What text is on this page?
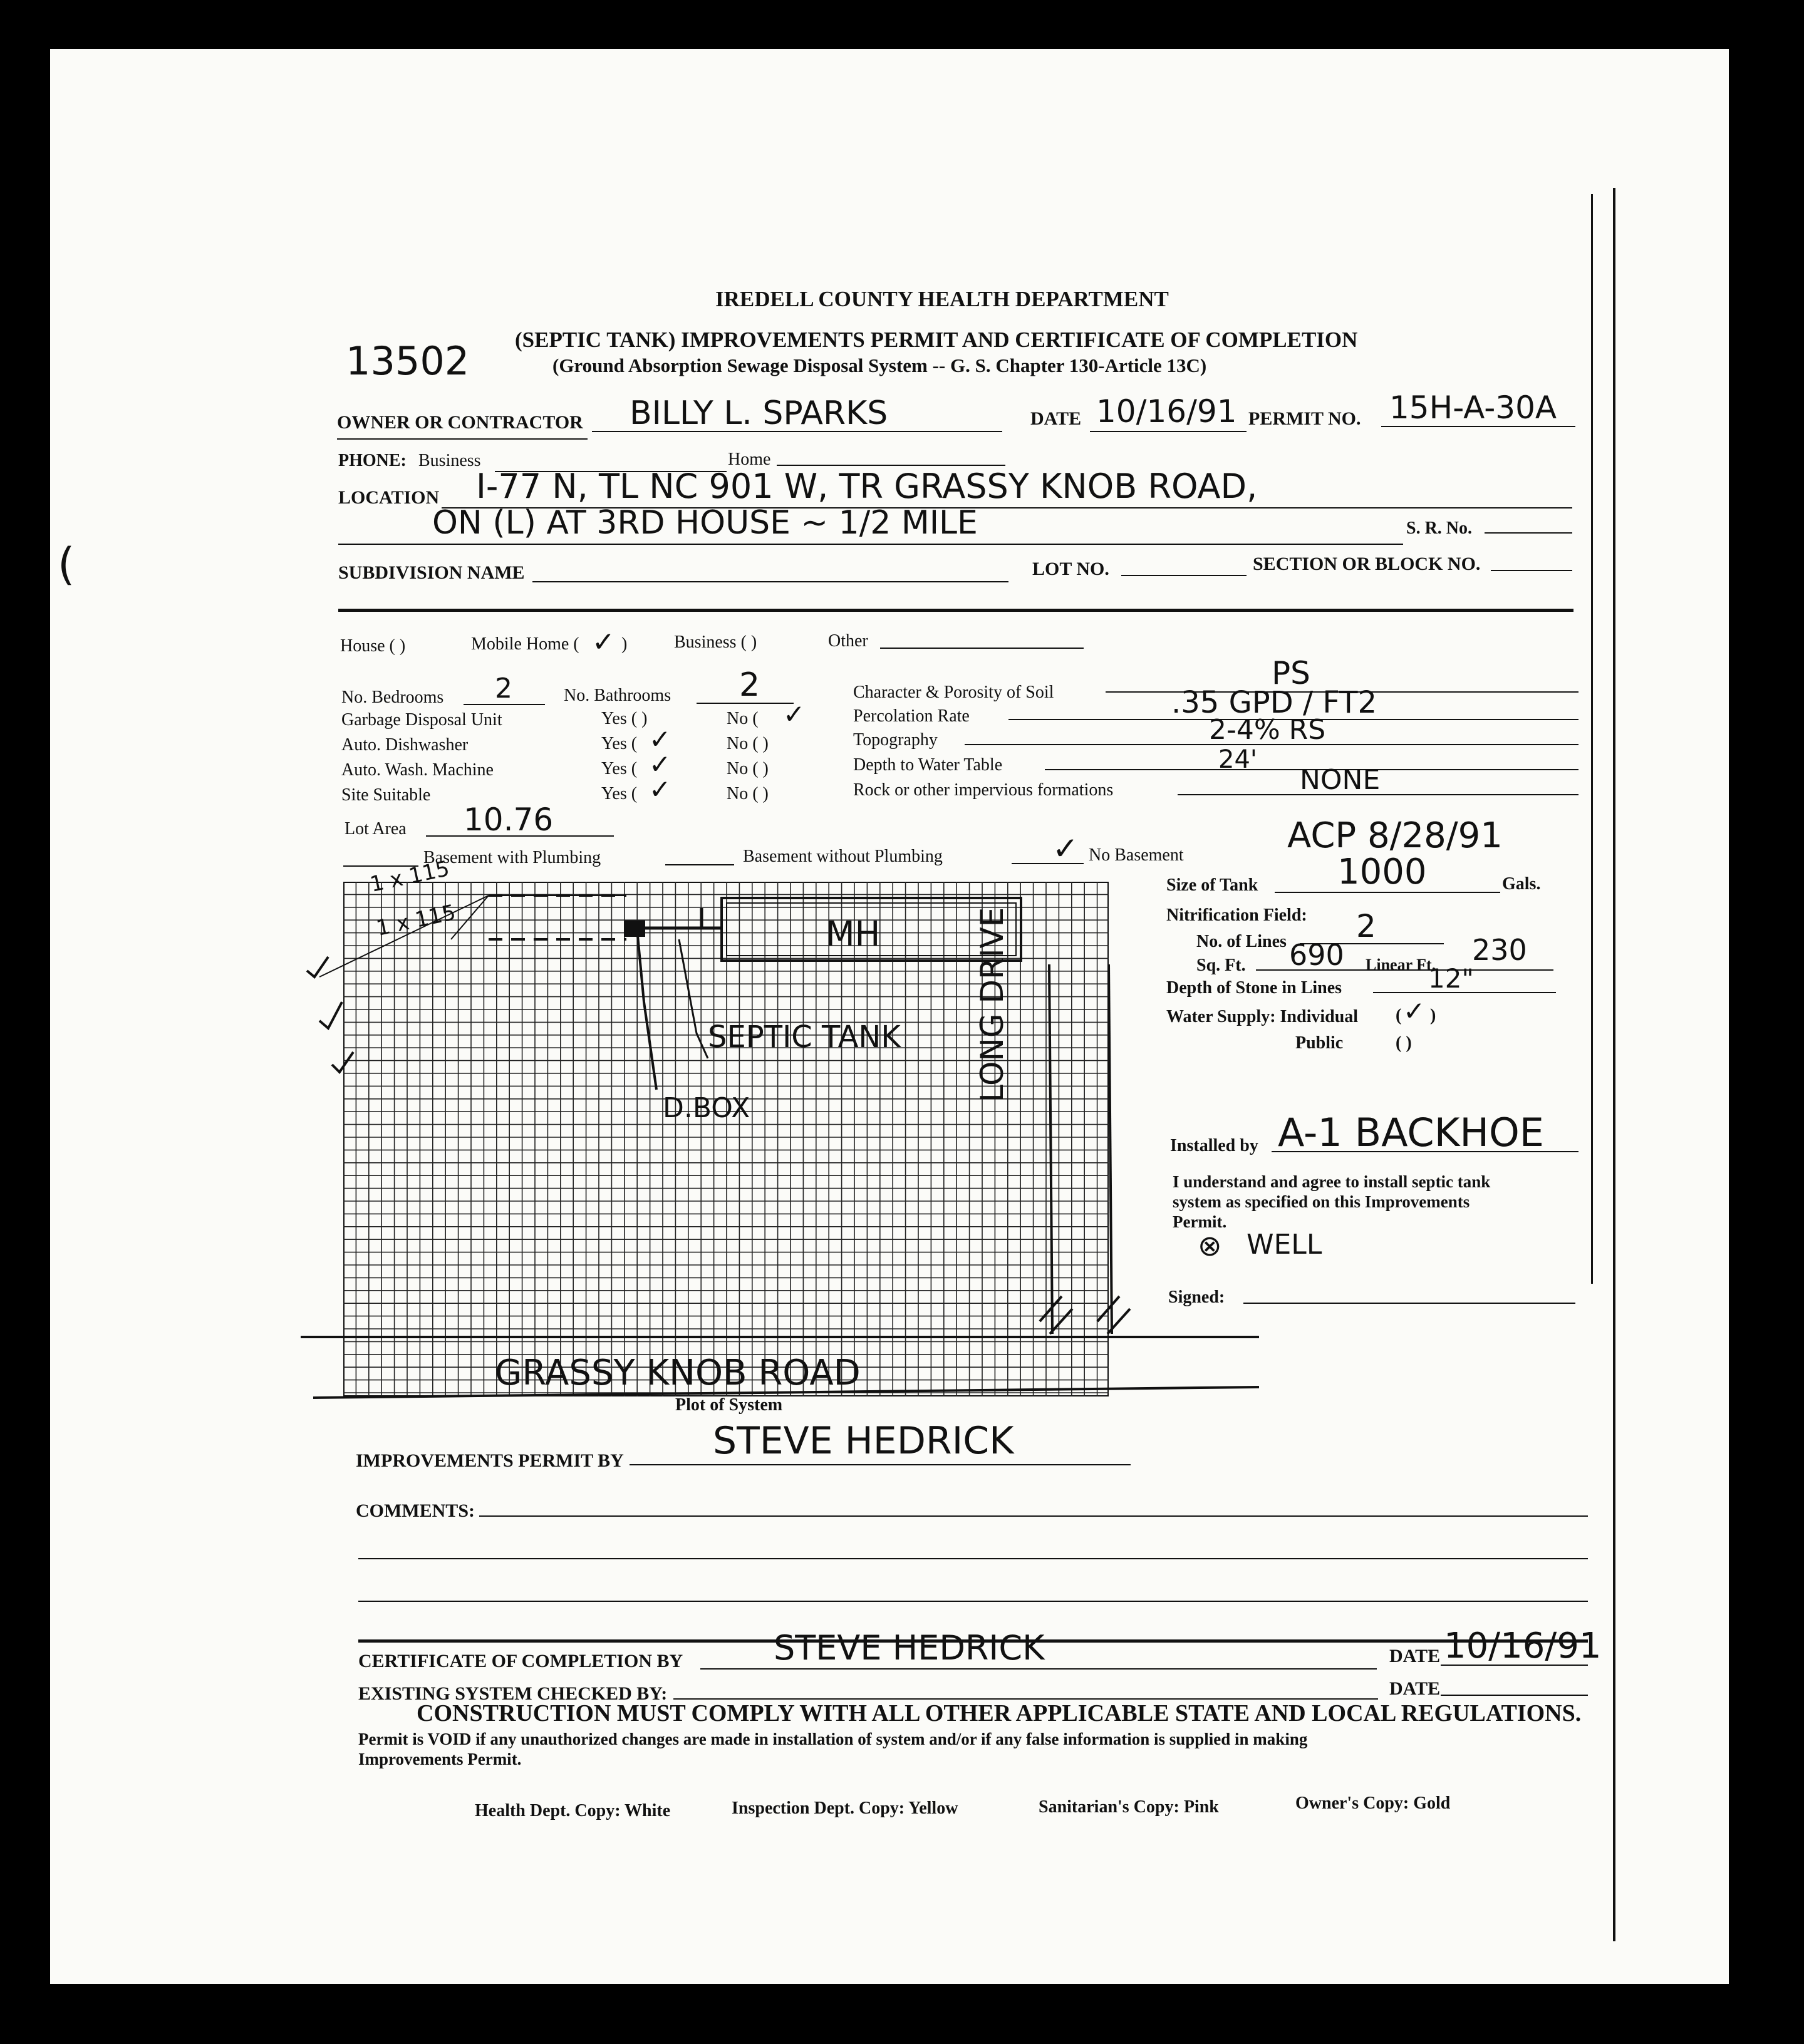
IREDELL COUNTY HEALTH DEPARTMENT
13502 (SEPTIC TANK) IMPROVEMENTS PERMIT AND CERTIFICATE OF COMPLETION
(Ground Absorption Sewage Disposal System -- G. S. Chapter 130-Article 13C)
OWNER OR CONTRACTOR BILLY L. SPARKS	DATE 10/16/91 PERMIT NO. 15H-A-30A
PHONE: Business	Home
LOCATION I-77 N, TL NC 901 W, TR GRASSY KNOB ROAD,
ON (L) AT 3RD HOUSE ~ 1/2 MILE	S. R. No.
SUBDIVISION NAME	LOT NO.	SECTION OR BLOCK NO.
House ( )	Mobile Home ( ✓ )	Business ( )	Other
No. Bedrooms 2	No. Bathrooms 2
Garbage Disposal Unit	Yes ( )	No ( ✓
Auto. Dishwasher	Yes ( ✓	No ( )
Auto. Wash. Machine	Yes ( ✓	No ( )
Site Suitable	Yes ( ✓	No ( )
Lot Area 10.76
Character & Porosity of Soil
PS
Percolation Rate	.35 GPD / FT2
Topography	2-4% RS
Depth to Water Table	24'
Rock or other impervious formations	NONE
Basement with Plumbing	Basement without Plumbing	✓ No Basement	ACP 8/28/91
Size of Tank 1000	Gals.
Nitrification Field:
No. of Lines 2
Sq. Ft. 690 Linear Ft. 230
Depth of Stone in Lines	12"
Water Supply: Individual ( ✓ )
Public	( )
Installed by A-1 BACKHOE
I understand and agree to install septic tank
system as specified on this Improvements
Permit.
⊗ WELL
Signed:
1 x 115
1 x 115	MH
SEPTIC TANK
D.BOX
LONG DRIVE
GRASSY KNOB ROAD
Plot of System
IMPROVEMENTS PERMIT BY STEVE HEDRICK
COMMENTS:
CERTIFICATE OF COMPLETION BY	STEVE HEDRICK	DATE 10/16/91
EXISTING SYSTEM CHECKED BY:	DATE
CONSTRUCTION MUST COMPLY WITH ALL OTHER APPLICABLE STATE AND LOCAL REGULATIONS.
Permit is VOID if any unauthorized changes are made in installation of system and/or if any false information is supplied in making
Improvements Permit.
Health Dept. Copy: White	Inspection Dept. Copy: Yellow	Sanitarian's Copy: Pink	Owner's Copy: Gold
(
